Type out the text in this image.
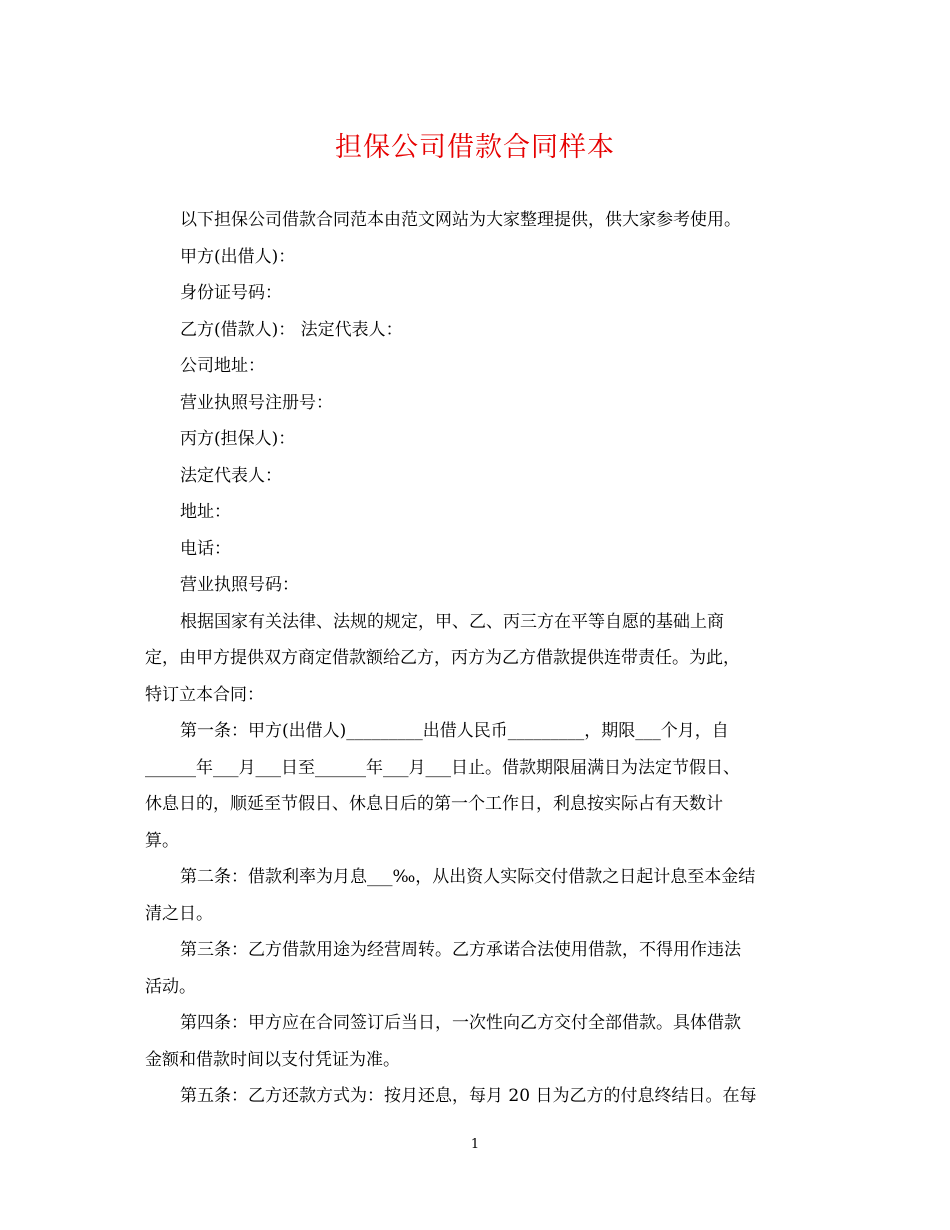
担保公司借款合同样本
以下担保公司借款合同范本由范文网站为大家整理提供，供大家参考使用。
甲方(出借人)：
身份证号码：
乙方(借款人)： 法定代表人：
公司地址：
营业执照号注册号：
丙方(担保人)：
法定代表人：
地址：
电话：
营业执照号码：
根据国家有关法律、法规的规定，甲、乙、丙三方在平等自愿的基础上商
定，由甲方提供双方商定借款额给乙方，丙方为乙方借款提供连带责任。为此，
特订立本合同：
第一条：甲方(出借人)_________出借人民币_________，期限___个月，自
______年___月___日至______年___月___日止。借款期限届满日为法定节假日、
休息日的，顺延至节假日、休息日后的第一个工作日，利息按实际占有天数计
算。
第二条：借款利率为月息___‰，从出资人实际交付借款之日起计息至本金结
清之日。
第三条：乙方借款用途为经营周转。乙方承诺合法使用借款，不得用作违法
活动。
第四条：甲方应在合同签订后当日，一次性向乙方交付全部借款。具体借款
金额和借款时间以支付凭证为准。
第五条：乙方还款方式为：按月还息，每月 20 日为乙方的付息终结日。在每
1
